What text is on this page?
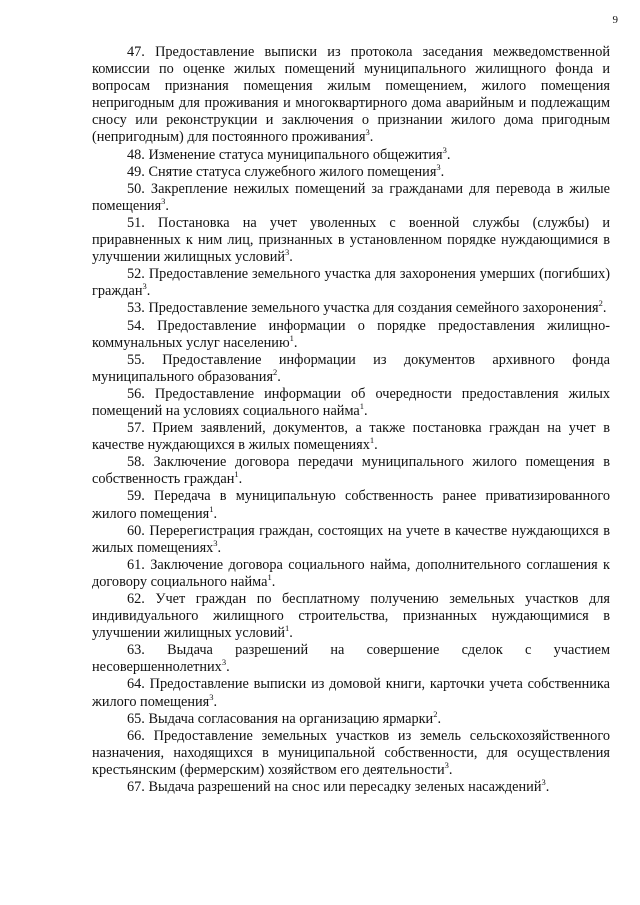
9

47. Предоставление выписки из протокола заседания межведомственной комиссии по оценке жилых помещений муниципального жилищного фонда и вопросам признания помещения жилым помещением, жилого помещения непригодным для проживания и многоквартирного дома аварийным и подлежащим сносу или реконструкции и заключения о признании жилого дома пригодным (непригодным) для постоянного проживания$^3$.

48. Изменение статуса муниципального общежития$^3$.

49. Снятие статуса служебного жилого помещения$^3$.

50. Закрепление нежилых помещений за гражданами для перевода в жилые помещения$^3$.

51. Постановка на учет уволенных с военной службы (службы) и приравненных к ним лиц, признанных в установленном порядке нуждающимися в улучшении жилищных условий$^3$.

52. Предоставление земельного участка для захоронения умерших (погибших) граждан$^3$.

53. Предоставление земельного участка для создания семейного захоронения$^2$.

54. Предоставление информации о порядке предоставления жилищно-коммунальных услуг населению$^1$.

55. Предоставление информации из документов архивного фонда муниципального образования$^2$.

56. Предоставление информации об очередности предоставления жилых помещений на условиях социального найма$^1$.

57. Прием заявлений, документов, а также постановка граждан на учет в качестве нуждающихся в жилых помещениях$^1$.

58. Заключение договора передачи муниципального жилого помещения в собственность граждан$^1$.

59. Передача в муниципальную собственность ранее приватизированного жилого помещения$^1$.

60. Перерегистрация граждан, состоящих на учете в качестве нуждающихся в жилых помещениях$^3$.

61. Заключение договора социального найма, дополнительного соглашения к договору социального найма$^1$.

62. Учет граждан по бесплатному получению земельных участков для индивидуального жилищного строительства, признанных нуждающимися в улучшении жилищных условий$^1$.

63. Выдача разрешений на совершение сделок с участием несовершеннолетних$^3$.

64. Предоставление выписки из домовой книги, карточки учета собственника жилого помещения$^3$.

65. Выдача согласования на организацию ярмарки$^2$.

66. Предоставление земельных участков из земель сельскохозяйственного назначения, находящихся в муниципальной собственности, для осуществления крестьянским (фермерским) хозяйством его деятельности$^3$.

67. Выдача разрешений на снос или пересадку зеленых насаждений$^3$.
